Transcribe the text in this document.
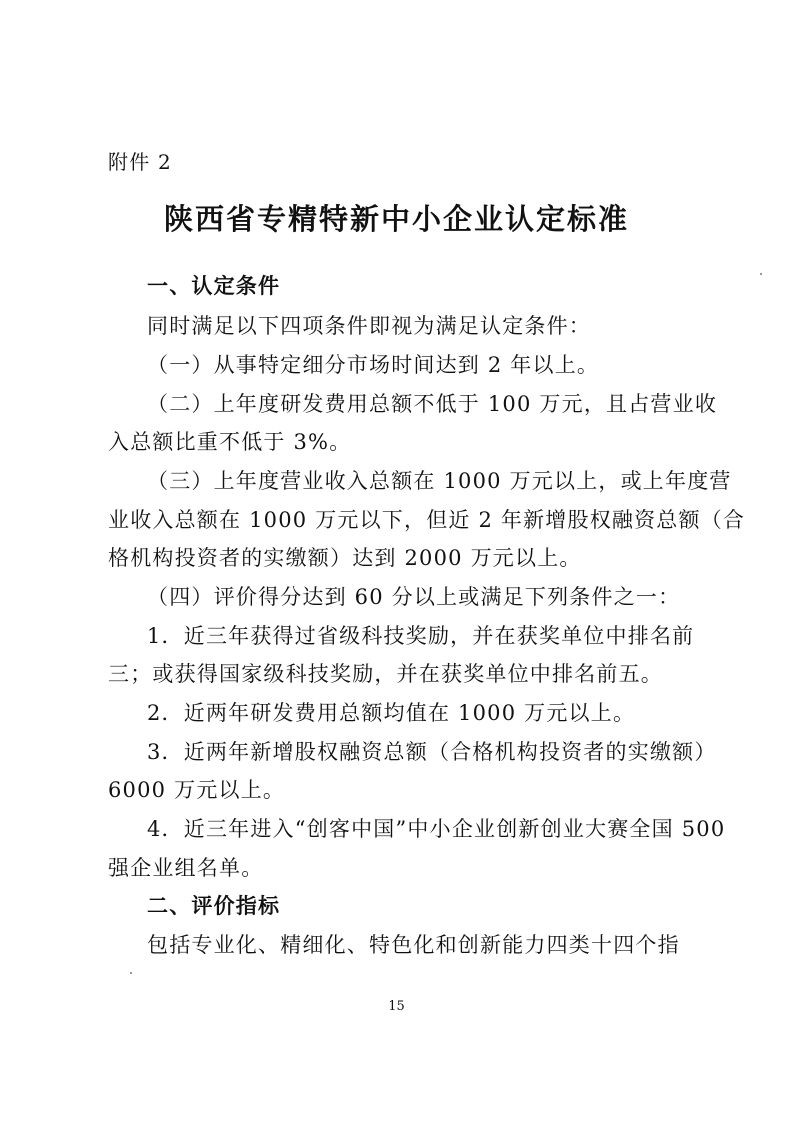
附件 2
陕西省专精特新中小企业认定标准
一、认定条件
同时满足以下四项条件即视为满足认定条件：
（一）从事特定细分市场时间达到 2 年以上。
（二）上年度研发费用总额不低于 100 万元，且占营业收
入总额比重不低于 3%。
（三）上年度营业收入总额在 1000 万元以上，或上年度营
业收入总额在 1000 万元以下，但近 2 年新增股权融资总额（合
格机构投资者的实缴额）达到 2000 万元以上。
（四）评价得分达到 60 分以上或满足下列条件之一：
1．近三年获得过省级科技奖励，并在获奖单位中排名前
三；或获得国家级科技奖励，并在获奖单位中排名前五。
2．近两年研发费用总额均值在 1000 万元以上。
3．近两年新增股权融资总额（合格机构投资者的实缴额）
6000 万元以上。
4．近三年进入“创客中国”中小企业创新创业大赛全国 500
强企业组名单。
二、评价指标
包括专业化、精细化、特色化和创新能力四类十四个指
15
